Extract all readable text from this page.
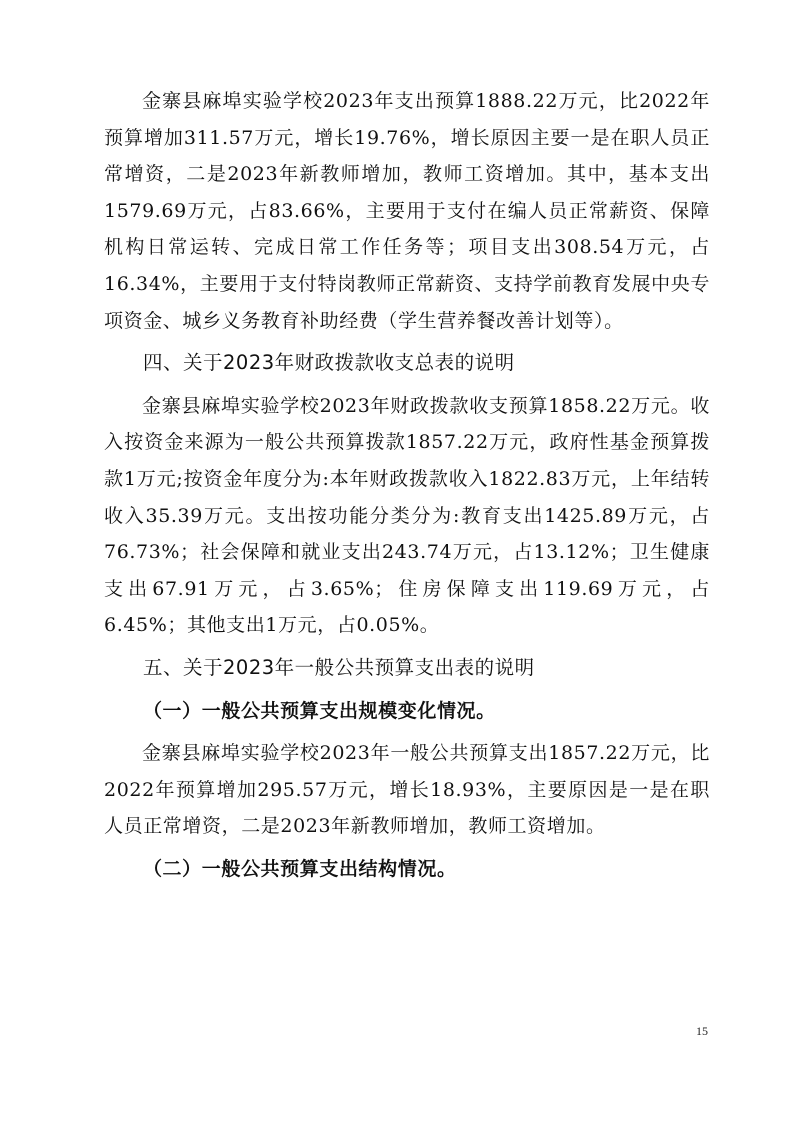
金寨县麻埠实验学校2023年支出预算1888.22万元，比2022年预算增加311.57万元，增长19.76%，增长原因主要一是在职人员正常增资，二是2023年新教师增加，教师工资增加。其中，基本支出1579.69万元，占83.66%，主要用于支付在编人员正常薪资、保障机构日常运转、完成日常工作任务等；项目支出308.54万元，占16.34%，主要用于支付特岗教师正常薪资、支持学前教育发展中央专项资金、城乡义务教育补助经费（学生营养餐改善计划等）。

四、关于2023年财政拨款收支总表的说明

金寨县麻埠实验学校2023年财政拨款收支预算1858.22万元。收入按资金来源为一般公共预算拨款1857.22万元，政府性基金预算拨款1万元;按资金年度分为:本年财政拨款收入1822.83万元，上年结转收入35.39万元。支出按功能分类分为:教育支出1425.89万元，占76.73%；社会保障和就业支出243.74万元，占13.12%；卫生健康支出67.91万元，占3.65%；住房保障支出119.69万元，占6.45%；其他支出1万元，占0.05%。

五、关于2023年一般公共预算支出表的说明

（一）一般公共预算支出规模变化情况。

金寨县麻埠实验学校2023年一般公共预算支出1857.22万元，比2022年预算增加295.57万元，增长18.93%，主要原因是一是在职人员正常增资，二是2023年新教师增加，教师工资增加。

（二）一般公共预算支出结构情况。

15
